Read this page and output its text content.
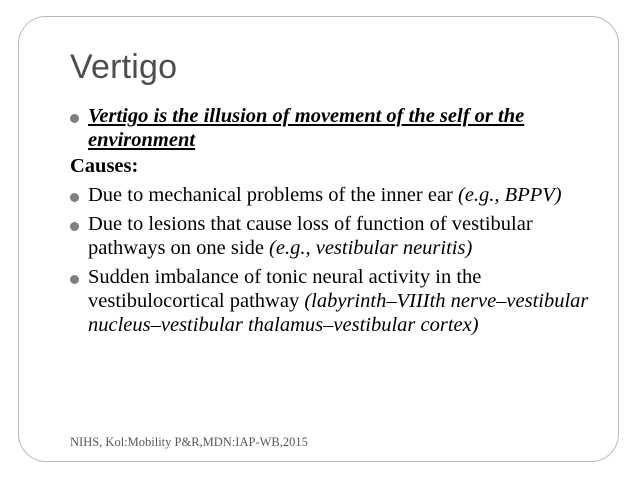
Vertigo
Vertigo is the illusion of movement of the self or the environment
Causes:
Due to mechanical problems of the inner ear (e.g., BPPV)
Due to lesions that cause loss of function of vestibular pathways on one side (e.g., vestibular neuritis)
Sudden imbalance of tonic neural activity in the vestibulocortical pathway (labyrinth–VIIIth nerve–vestibular nucleus–vestibular thalamus–vestibular cortex)
NIHS, Kol:Mobility P&R,MDN:IAP-WB,2015
